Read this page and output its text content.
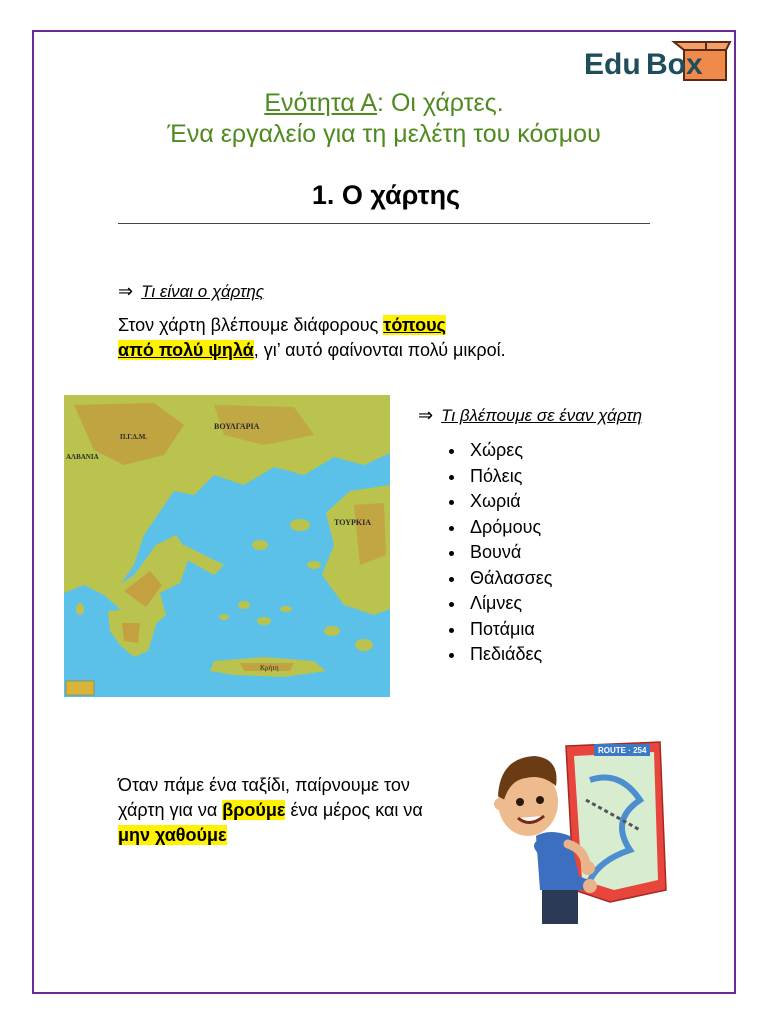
Edu Box
Ενότητα Α: Οι χάρτες.
Ένα εργαλείο για τη μελέτη του κόσμου
1. Ο χάρτης
⇒ Τι είναι ο χάρτης
Στον χάρτη βλέπουμε διάφορους τόπους
από πολύ ψηλά, γι’ αυτό φαίνονται πολύ μικροί.
ΒΟΥΛΓΑΡΙΑ
Π.Γ.Δ.Μ.
ΑΛΒΑΝΙΑ
ΤΟΥΡΚΙΑ
Κρήτη
⇒ Τι βλέπουμε σε έναν χάρτη
• Χώρες
• Πόλεις
• Χωριά
• Δρόμους
• Βουνά
• Θάλασσες
• Λίμνες
• Ποτάμια
• Πεδιάδες
Όταν πάμε ένα ταξίδι, παίρνουμε τον
χάρτη για να βρούμε ένα μέρος και να
μην χαθούμε
ROUTE · 254
